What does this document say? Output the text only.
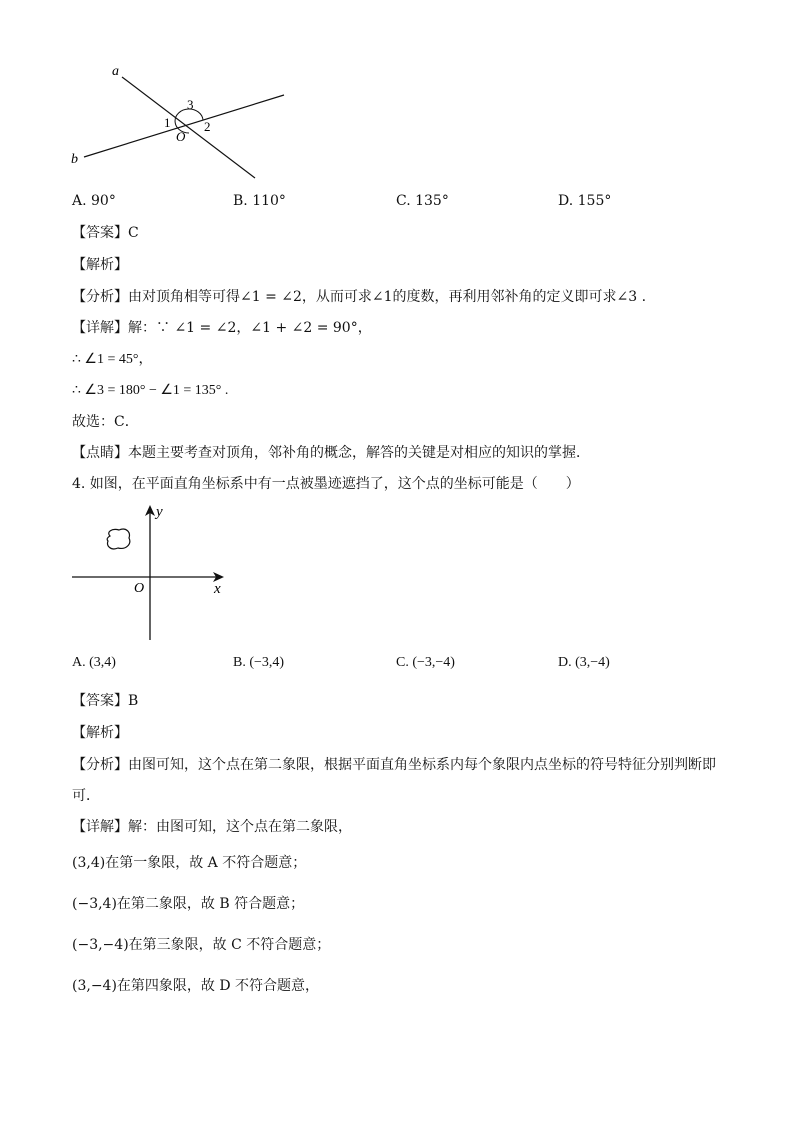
a
b
O
1	2
3
A. 90°	B. 110°	C. 135°	D. 155°
【答案】C
【解析】
【分析】由对顶角相等可得∠1 = ∠2，从而可求∠1的度数，再利用邻补角的定义即可求∠3 .
【详解】解：∵ ∠1 = ∠2，∠1 + ∠2 = 90°，
∴ ∠1 = 45°，
∴ ∠3 = 180° − ∠1 = 135° .
故选：C．
【点睛】本题主要考查对顶角，邻补角的概念，解答的关键是对相应的知识的掌握．
4. 如图，在平面直角坐标系中有一点被墨迹遮挡了，这个点的坐标可能是（　　）
y
x
O
A. (3,4)	B. (−3,4)	C. (−3,−4)	D. (3,−4)
【答案】B
【解析】
【分析】由图可知，这个点在第二象限，根据平面直角坐标系内每个象限内点坐标的符号特征分别判断即
可．
【详解】解：由图可知，这个点在第二象限，
(3,4)在第一象限，故 A 不符合题意；
(−3,4)在第二象限，故 B 符合题意；
(−3,−4)在第三象限，故 C 不符合题意；
(3,−4)在第四象限，故 D 不符合题意，
